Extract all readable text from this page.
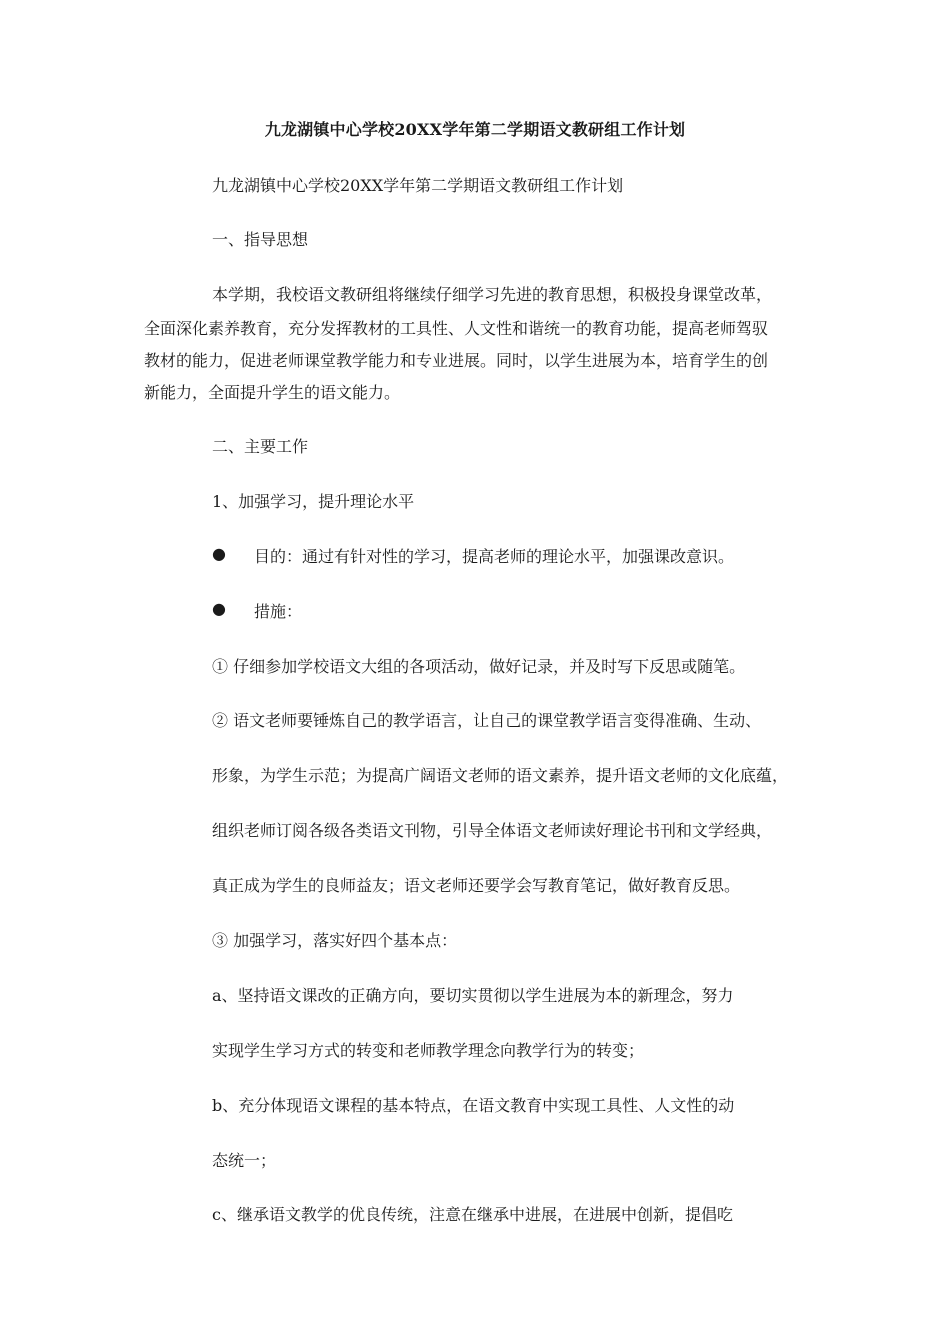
九龙湖镇中心学校20XX学年第二学期语文教研组工作计划
九龙湖镇中心学校20XX学年第二学期语文教研组工作计划
一、指导思想
本学期，我校语文教研组将继续仔细学习先进的教育思想，积极投身课堂改革，
全面深化素养教育，充分发挥教材的工具性、人文性和谐统一的教育功能，提高老师驾驭
教材的能力，促进老师课堂教学能力和专业进展。同时，以学生进展为本，培育学生的创
新能力，全面提升学生的语文能力。
二、主要工作
1、加强学习，提升理论水平
● 目的：通过有针对性的学习，提高老师的理论水平，加强课改意识。
● 措施：
① 仔细参加学校语文大组的各项活动，做好记录，并及时写下反思或随笔。
② 语文老师要锤炼自己的教学语言，让自己的课堂教学语言变得准确、生动、
形象，为学生示范；为提高广阔语文老师的语文素养，提升语文老师的文化底蕴，
组织老师订阅各级各类语文刊物，引导全体语文老师读好理论书刊和文学经典，
真正成为学生的良师益友；语文老师还要学会写教育笔记，做好教育反思。
③ 加强学习，落实好四个基本点：
a、坚持语文课改的正确方向，要切实贯彻以学生进展为本的新理念，努力
实现学生学习方式的转变和老师教学理念向教学行为的转变；
b、充分体现语文课程的基本特点，在语文教育中实现工具性、人文性的动
态统一；
c、继承语文教学的优良传统，注意在继承中进展，在进展中创新，提倡吃
